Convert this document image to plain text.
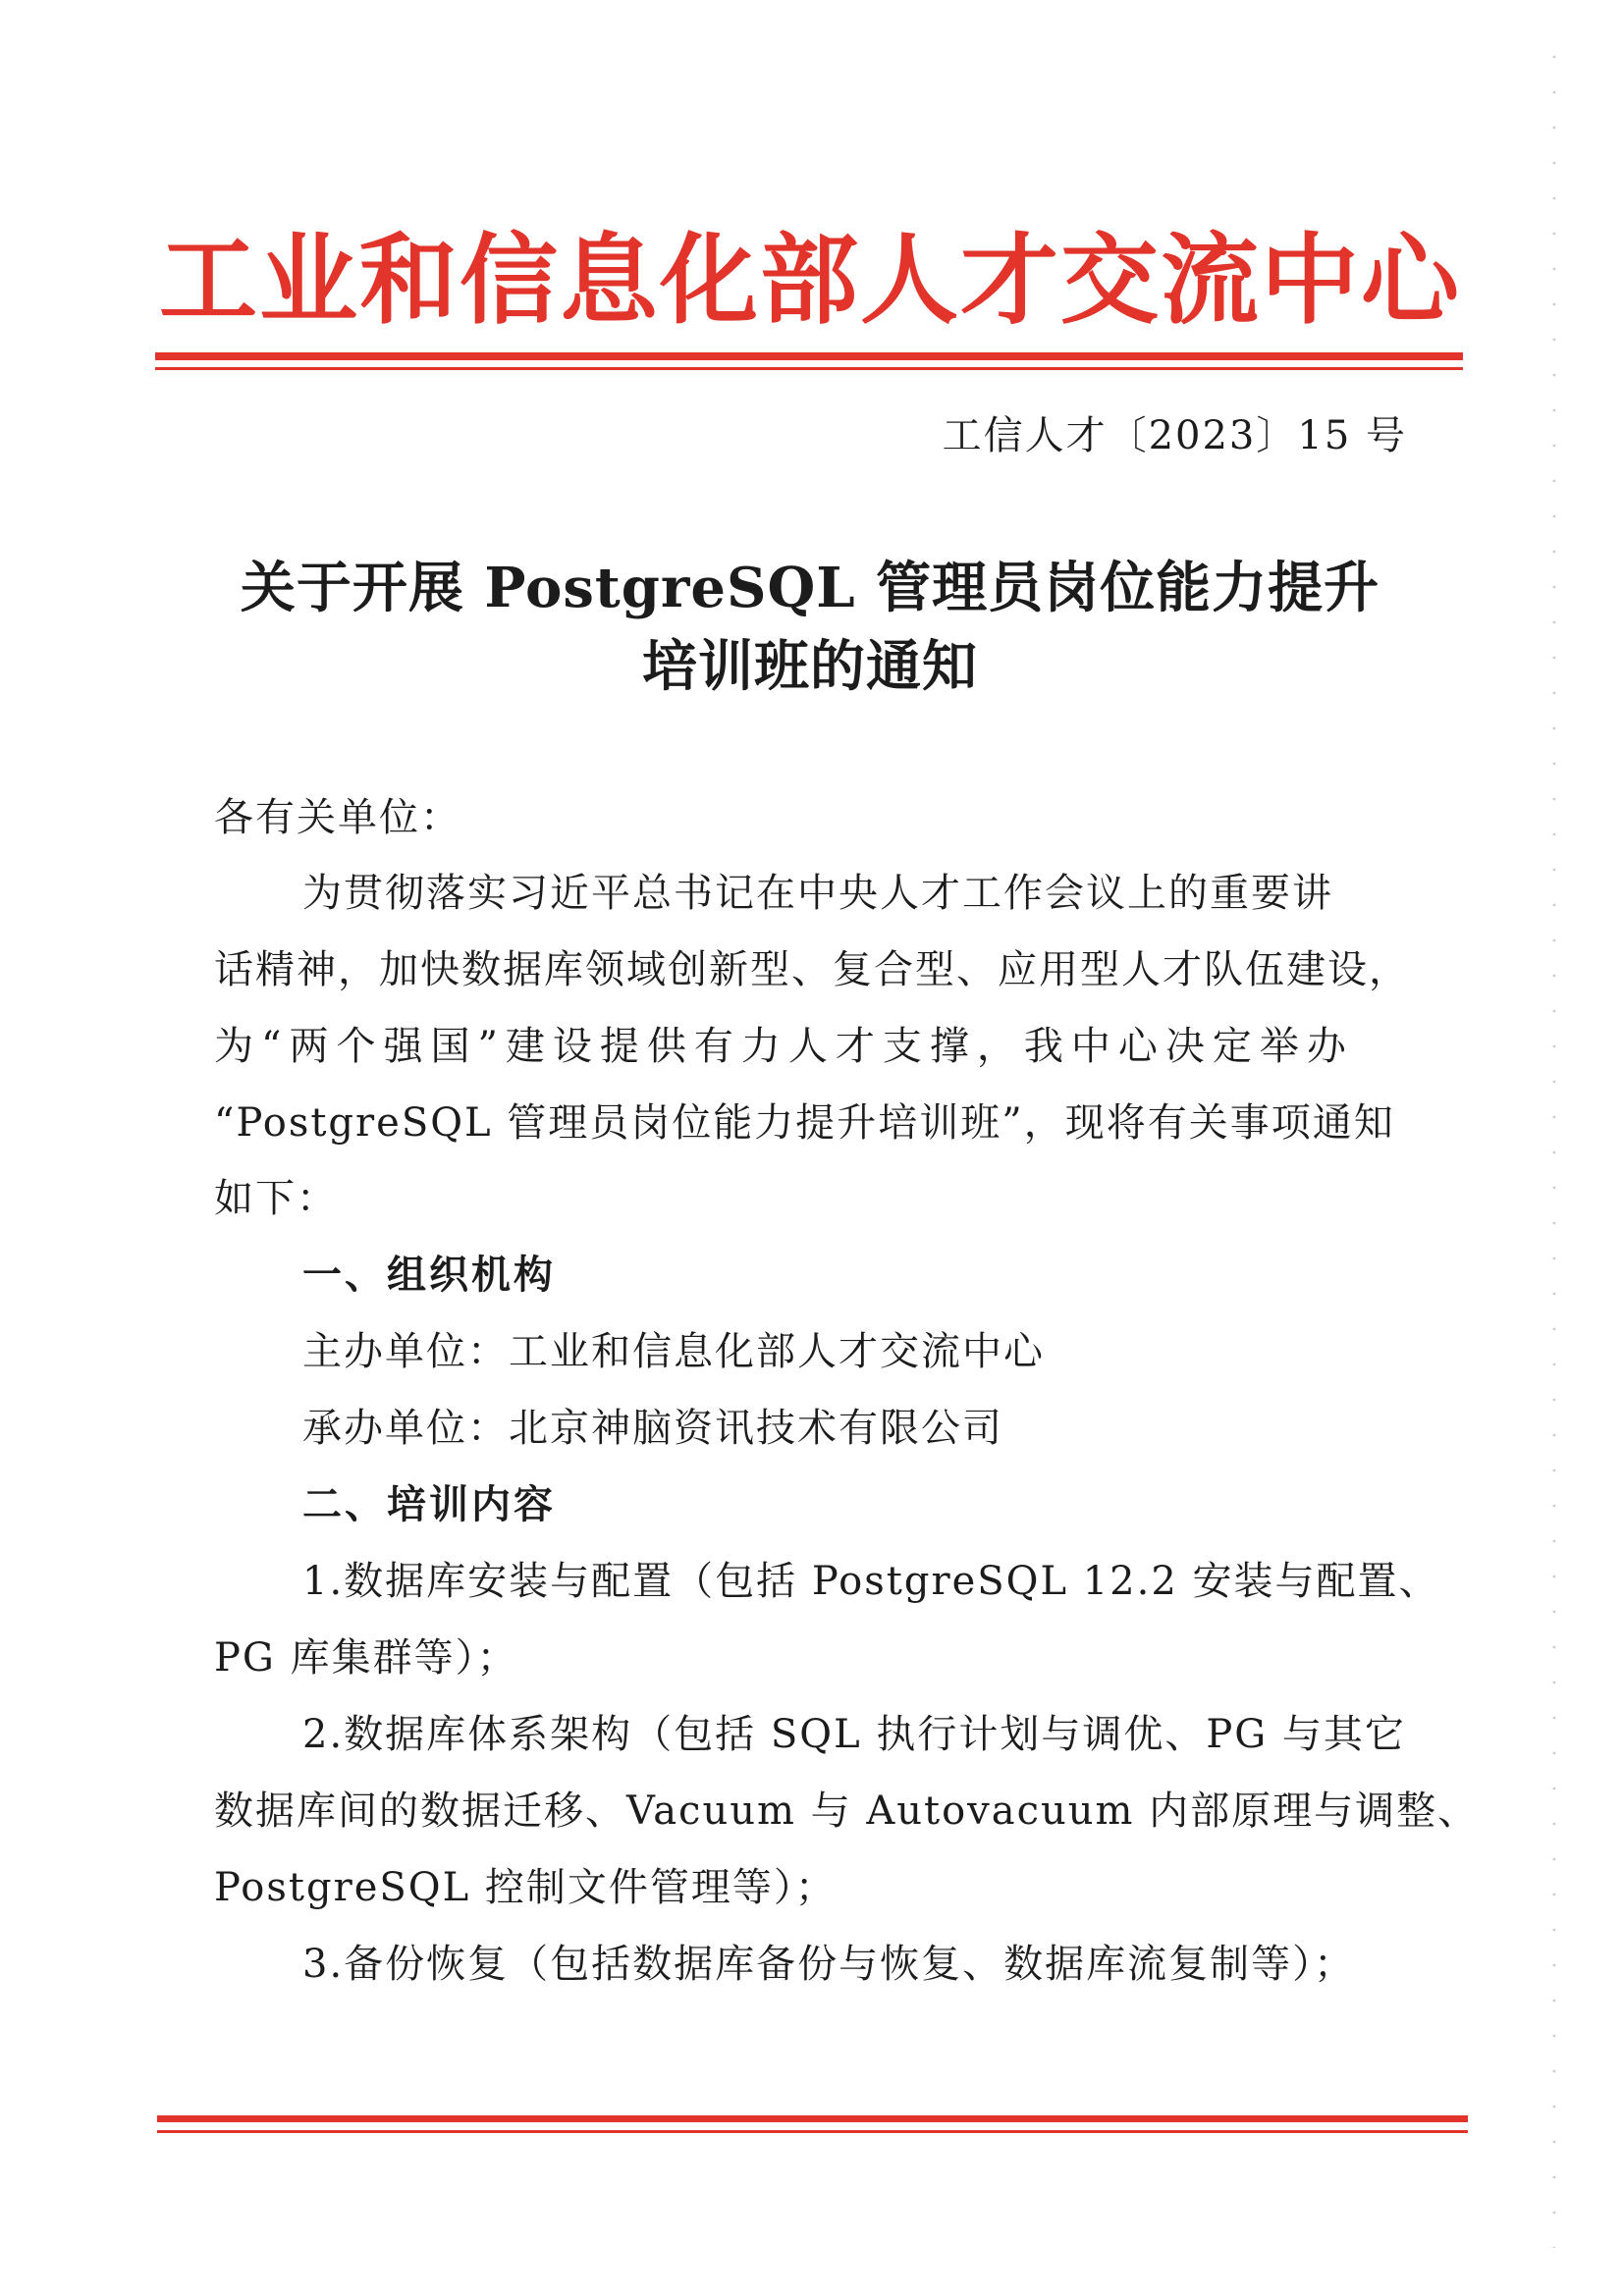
工业和信息化部人才交流中心
工信人才〔2023〕15 号
关于开展 PostgreSQL 管理员岗位能力提升
培训班的通知
各有关单位：
为贯彻落实习近平总书记在中央人才工作会议上的重要讲
话精神，加快数据库领域创新型、复合型、应用型人才队伍建设，
为“两个强国”建设提供有力人才支撑，我中心决定举办
“PostgreSQL 管理员岗位能力提升培训班”，现将有关事项通知
如下：
一、组织机构
主办单位：工业和信息化部人才交流中心
承办单位：北京神脑资讯技术有限公司
二、培训内容
1.数据库安装与配置（包括 PostgreSQL 12.2 安装与配置、
PG 库集群等）；
2.数据库体系架构（包括 SQL 执行计划与调优、PG 与其它
数据库间的数据迁移、Vacuum 与 Autovacuum 内部原理与调整、
PostgreSQL 控制文件管理等）；
3.备份恢复（包括数据库备份与恢复、数据库流复制等）；
